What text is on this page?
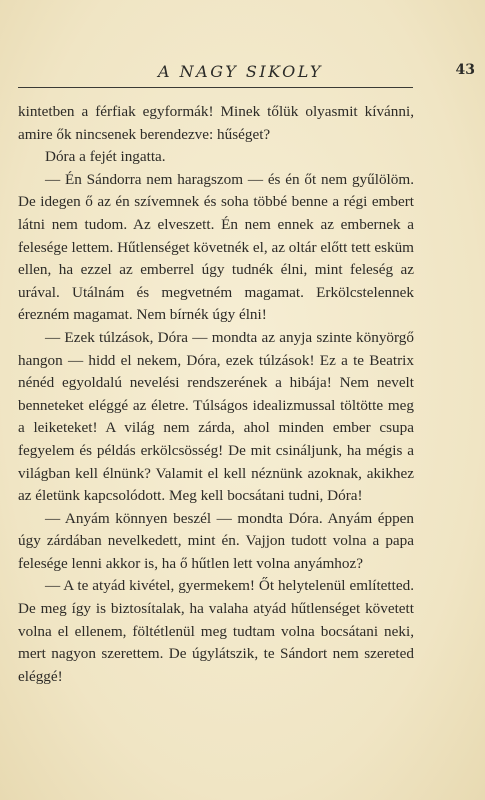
A NAGY SIKOLY	43

kintetben a férfiak egyformák! Minek tőlük olyasmit kívánni, amire ők nincsenek berendezve: hűséget?

Dóra a fejét ingatta.

— Én Sándorra nem haragszom — és én őt nem gyűlölöm. De idegen ő az én szívemnek és soha többé benne a régi embert látni nem tudom. Az elveszett. Én nem ennek az embernek a felesége lettem. Hűtlenséget követnék el, az oltár előtt tett esküm ellen, ha ezzel az emberrel úgy tudnék élni, mint feleség az urával. Utálnám és megvetném magamat. Erkölcstelennek érezném magamat. Nem bírnék úgy élni!

— Ezek túlzások, Dóra — mondta az anyja szinte könyörgő hangon — hidd el nekem, Dóra, ezek túlzások! Ez a te Beatrix nénéd egyoldalú nevelési rendszerének a hibája! Nem nevelt benneteket eléggé az életre. Túlságos idealizmussal töltötte meg a leiketeket! A világ nem zárda, ahol minden ember csupa fegyelem és példás erkölcsösség! De mit csináljunk, ha mégis a világban kell élnünk? Valamit el kell néznünk azoknak, akikhez az életünk kapcsolódott. Meg kell bocsátani tudni, Dóra!

— Anyám könnyen beszél — mondta Dóra. Anyám éppen úgy zárdában nevelkedett, mint én. Vajjon tudott volna a papa felesége lenni akkor is, ha ő hűtlen lett volna anyámhoz?

— A te atyád kivétel, gyermekem! Őt helytelenül említetted. De meg így is biztosítalak, ha valaha atyád hűtlenséget követett volna el ellenem, föltétlenül meg tudtam volna bocsátani neki, mert nagyon szerettem. De úgylátszik, te Sándort nem szereted eléggé!
